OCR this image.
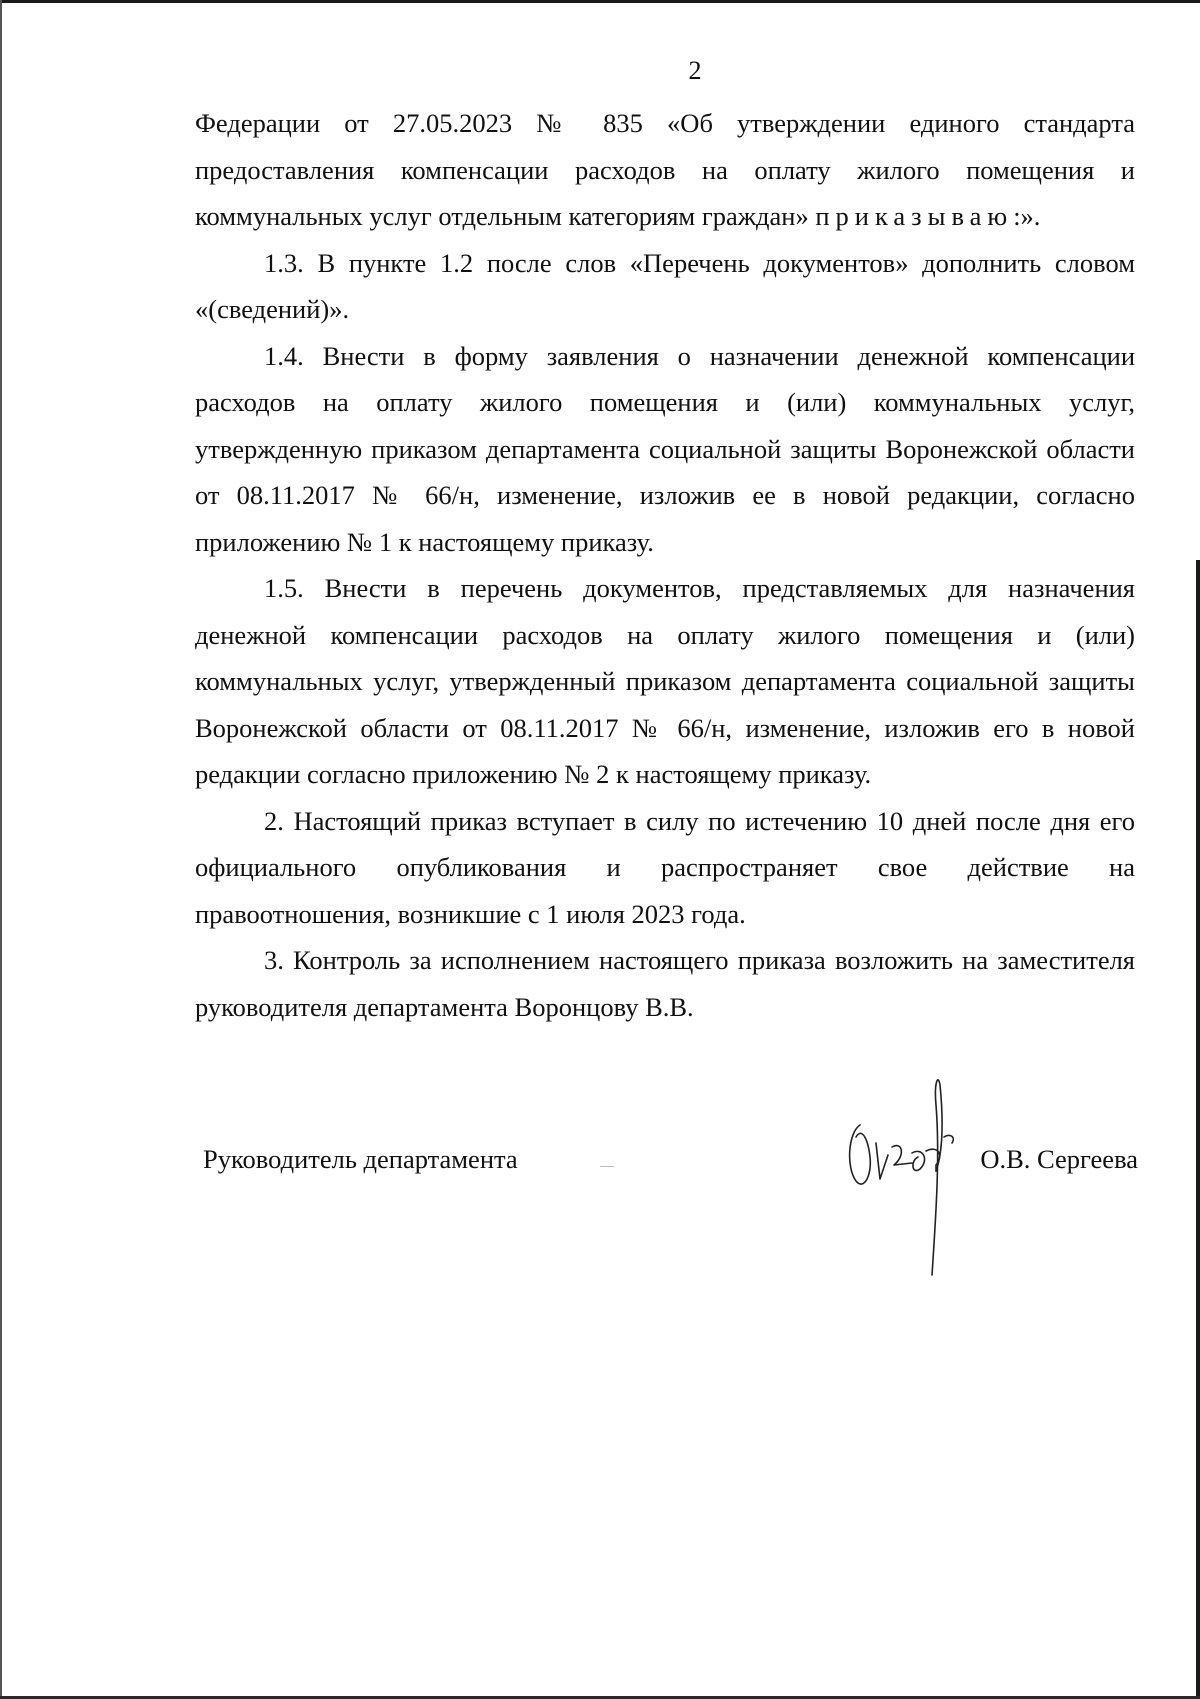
2

Федерации от 27.05.2023 № 835 «Об утверждении единого стандарта предоставления компенсации расходов на оплату жилого помещения и коммунальных услуг отдельным категориям граждан» приказываю:».

1.3. В пункте 1.2 после слов «Перечень документов» дополнить словом «(сведений)».

1.4. Внести в форму заявления о назначении денежной компенсации расходов на оплату жилого помещения и (или) коммунальных услуг, утвержденную приказом департамента социальной защиты Воронежской области от 08.11.2017 № 66/н, изменение, изложив ее в новой редакции, согласно приложению № 1 к настоящему приказу.

1.5. Внести в перечень документов, представляемых для назначения денежной компенсации расходов на оплату жилого помещения и (или) коммунальных услуг, утвержденный приказом департамента социальной защиты Воронежской области от 08.11.2017 № 66/н, изменение, изложив его в новой редакции согласно приложению № 2 к настоящему приказу.

2. Настоящий приказ вступает в силу по истечению 10 дней после дня его официального опубликования и распространяет свое действие на правоотношения, возникшие с 1 июля 2023 года.

3. Контроль за исполнением настоящего приказа возложить на заместителя руководителя департамента Воронцову В.В.

Руководитель департамента	О.В. Сергеева
